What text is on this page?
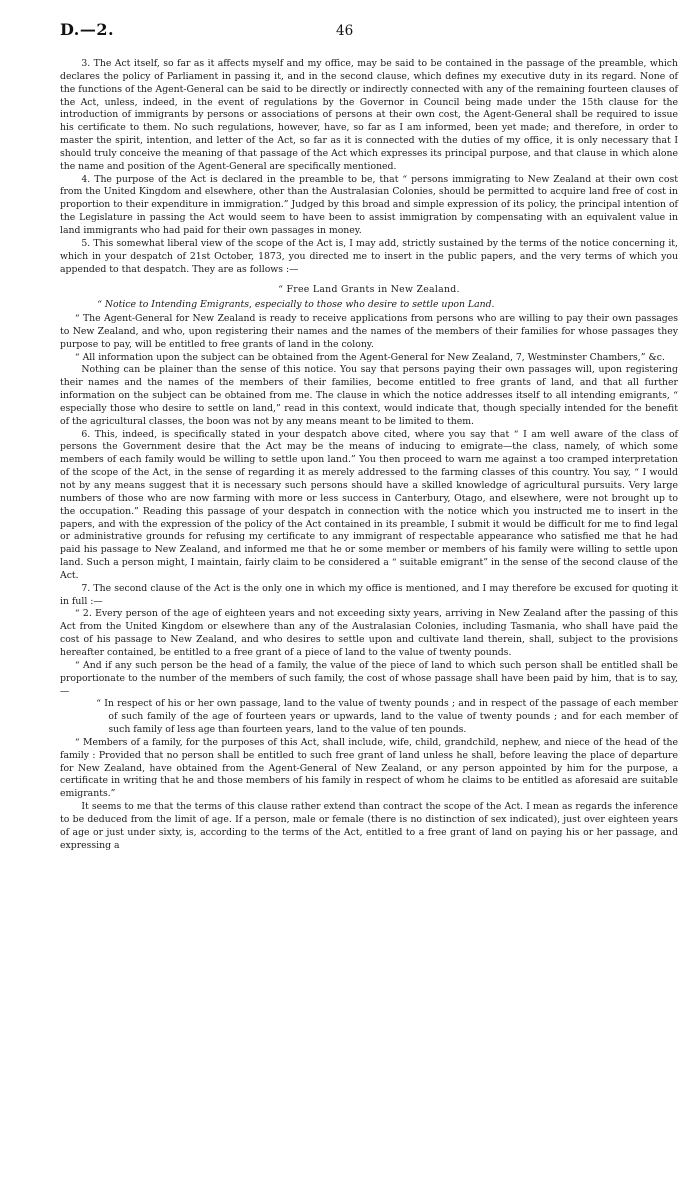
D.—2.	46

3. The Act itself, so far as it affects myself and my office, may be said to be contained in the passage of the preamble, which declares the policy of Parliament in passing it, and in the second clause, which defines my executive duty in its regard. None of the functions of the Agent-General can be said to be directly or indirectly connected with any of the remaining fourteen clauses of the Act, unless, indeed, in the event of regulations by the Governor in Council being made under the 15th clause for the introduction of immigrants by persons or associations of persons at their own cost, the Agent-General shall be required to issue his certificate to them. No such regulations, however, have, so far as I am informed, been yet made; and therefore, in order to master the spirit, intention, and letter of the Act, so far as it is connected with the duties of my office, it is only necessary that I should truly conceive the meaning of that passage of the Act which expresses its principal purpose, and that clause in which alone the name and position of the Agent-General are specifically mentioned.

4. The purpose of the Act is declared in the preamble to be, that “ persons immigrating to New Zealand at their own cost from the United Kingdom and elsewhere, other than the Australasian Colonies, should be permitted to acquire land free of cost in proportion to their expenditure in immigration.” Judged by this broad and simple expression of its policy, the principal intention of the Legislature in passing the Act would seem to have been to assist immigration by compensating with an equivalent value in land immigrants who had paid for their own passages in money.

5. This somewhat liberal view of the scope of the Act is, I may add, strictly sustained by the terms of the notice concerning it, which in your despatch of 21st October, 1873, you directed me to insert in the public papers, and the very terms of which you appended to that despatch. They are as follows :—

“ Free Land Grants in New Zealand.

“ Notice to Intending Emigrants, especially to those who desire to settle upon Land.

“ The Agent-General for New Zealand is ready to receive applications from persons who are willing to pay their own passages to New Zealand, and who, upon registering their names and the names of the members of their families for whose passages they purpose to pay, will be entitled to free grants of land in the colony.

“ All information upon the subject can be obtained from the Agent-General for New Zealand, 7, Westminster Chambers,” &c.

Nothing can be plainer than the sense of this notice. You say that persons paying their own passages will, upon registering their names and the names of the members of their families, become entitled to free grants of land, and that all further information on the subject can be obtained from me. The clause in which the notice addresses itself to all intending emigrants, “ especially those who desire to settle on land,” read in this context, would indicate that, though specially intended for the benefit of the agricultural classes, the boon was not by any means meant to be limited to them.

6. This, indeed, is specifically stated in your despatch above cited, where you say that “ I am well aware of the class of persons the Government desire that the Act may be the means of inducing to emigrate—the class, namely, of which some members of each family would be willing to settle upon land.” You then proceed to warn me against a too cramped interpretation of the scope of the Act, in the sense of regarding it as merely addressed to the farming classes of this country. You say, “ I would not by any means suggest that it is necessary such persons should have a skilled knowledge of agricultural pursuits. Very large numbers of those who are now farming with more or less success in Canterbury, Otago, and elsewhere, were not brought up to the occupation.” Reading this passage of your despatch in connection with the notice which you instructed me to insert in the papers, and with the expression of the policy of the Act contained in its preamble, I submit it would be difficult for me to find legal or administrative grounds for refusing my certificate to any immigrant of respectable appearance who satisfied me that he had paid his passage to New Zealand, and informed me that he or some member or members of his family were willing to settle upon land. Such a person might, I maintain, fairly claim to be considered a “ suitable emigrant” in the sense of the second clause of the Act.

7. The second clause of the Act is the only one in which my office is mentioned, and I may therefore be excused for quoting it in full :—

“ 2. Every person of the age of eighteen years and not exceeding sixty years, arriving in New Zealand after the passing of this Act from the United Kingdom or elsewhere than any of the Australasian Colonies, including Tasmania, who shall have paid the cost of his passage to New Zealand, and who desires to settle upon and cultivate land therein, shall, subject to the provisions hereafter contained, be entitled to a free grant of a piece of land to the value of twenty pounds.

“ And if any such person be the head of a family, the value of the piece of land to which such person shall be entitled shall be proportionate to the number of the members of such family, the cost of whose passage shall have been paid by him, that is to say,—

“ In respect of his or her own passage, land to the value of twenty pounds ; and in respect of the passage of each member of such family of the age of fourteen years or upwards, land to the value of twenty pounds ; and for each member of such family of less age than fourteen years, land to the value of ten pounds.

“ Members of a family, for the purposes of this Act, shall include, wife, child, grandchild, nephew, and niece of the head of the family : Provided that no person shall be entitled to such free grant of land unless he shall, before leaving the place of departure for New Zealand, have obtained from the Agent-General of New Zealand, or any person appointed by him for the purpose, a certificate in writing that he and those members of his family in respect of whom he claims to be entitled as aforesaid are suitable emigrants.”

It seems to me that the terms of this clause rather extend than contract the scope of the Act. I mean as regards the inference to be deduced from the limit of age. If a person, male or female (there is no distinction of sex indicated), just over eighteen years of age or just under sixty, is, according to the terms of the Act, entitled to a free grant of land on paying his or her passage, and expressing a
